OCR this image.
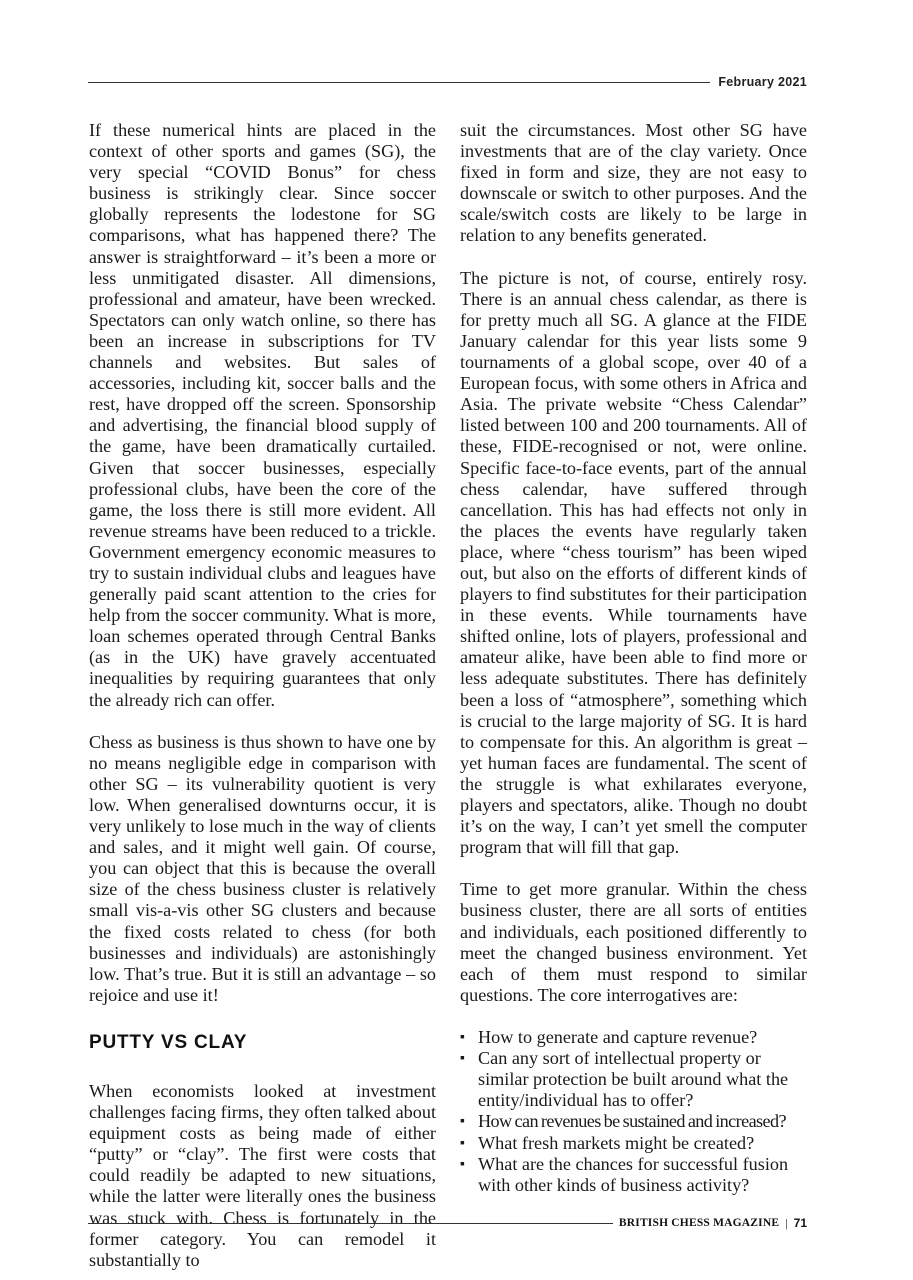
February 2021

If these numerical hints are placed in the context of other sports and games (SG), the very special “COVID Bonus” for chess business is strikingly clear. Since soccer globally represents the lodestone for SG comparisons, what has happened there? The answer is straightforward – it’s been a more or less unmitigated disaster. All dimensions, professional and amateur, have been wrecked. Spectators can only watch online, so there has been an increase in subscriptions for TV channels and websites. But sales of accessories, including kit, soccer balls and the rest, have dropped off the screen. Sponsorship and advertising, the financial blood supply of the game, have been dramatically curtailed. Given that soccer businesses, especially professional clubs, have been the core of the game, the loss there is still more evident. All revenue streams have been reduced to a trickle. Government emergency economic measures to try to sustain individual clubs and leagues have generally paid scant attention to the cries for help from the soccer community. What is more, loan schemes operated through Central Banks (as in the UK) have gravely accentuated inequalities by requiring guarantees that only the already rich can offer.

Chess as business is thus shown to have one by no means negligible edge in comparison with other SG – its vulnerability quotient is very low. When generalised downturns occur, it is very unlikely to lose much in the way of clients and sales, and it might well gain. Of course, you can object that this is because the overall size of the chess business cluster is relatively small vis-a-vis other SG clusters and because the fixed costs related to chess (for both businesses and individuals) are astonishingly low. That’s true. But it is still an advantage – so rejoice and use it!

PUTTY VS CLAY

When economists looked at investment challenges facing firms, they often talked about equipment costs as being made of either “putty” or “clay”. The first were costs that could readily be adapted to new situations, while the latter were literally ones the business was stuck with. Chess is fortunately in the former category. You can remodel it substantially to

suit the circumstances. Most other SG have investments that are of the clay variety. Once fixed in form and size, they are not easy to downscale or switch to other purposes. And the scale/switch costs are likely to be large in relation to any benefits generated.

The picture is not, of course, entirely rosy. There is an annual chess calendar, as there is for pretty much all SG. A glance at the FIDE January calendar for this year lists some 9 tournaments of a global scope, over 40 of a European focus, with some others in Africa and Asia. The private website “Chess Calendar” listed between 100 and 200 tournaments. All of these, FIDE-recognised or not, were online. Specific face-to-face events, part of the annual chess calendar, have suffered through cancellation. This has had effects not only in the places the events have regularly taken place, where “chess tourism” has been wiped out, but also on the efforts of different kinds of players to find substitutes for their participation in these events. While tournaments have shifted online, lots of players, professional and amateur alike, have been able to find more or less adequate substitutes. There has definitely been a loss of “atmosphere”, something which is crucial to the large majority of SG. It is hard to compensate for this. An algorithm is great – yet human faces are fundamental. The scent of the struggle is what exhilarates everyone, players and spectators, alike. Though no doubt it’s on the way, I can’t yet smell the computer program that will fill that gap.

Time to get more granular. Within the chess business cluster, there are all sorts of entities and individuals, each positioned differently to meet the changed business environment. Yet each of them must respond to similar questions. The core interrogatives are:

▪ How to generate and capture revenue?
▪ Can any sort of intellectual property or similar protection be built around what the entity/individual has to offer?
▪ How can revenues be sustained and increased?
▪ What fresh markets might be created?
▪ What are the chances for successful fusion with other kinds of business activity?
BRITISH CHESS MAGAZINE | 71
